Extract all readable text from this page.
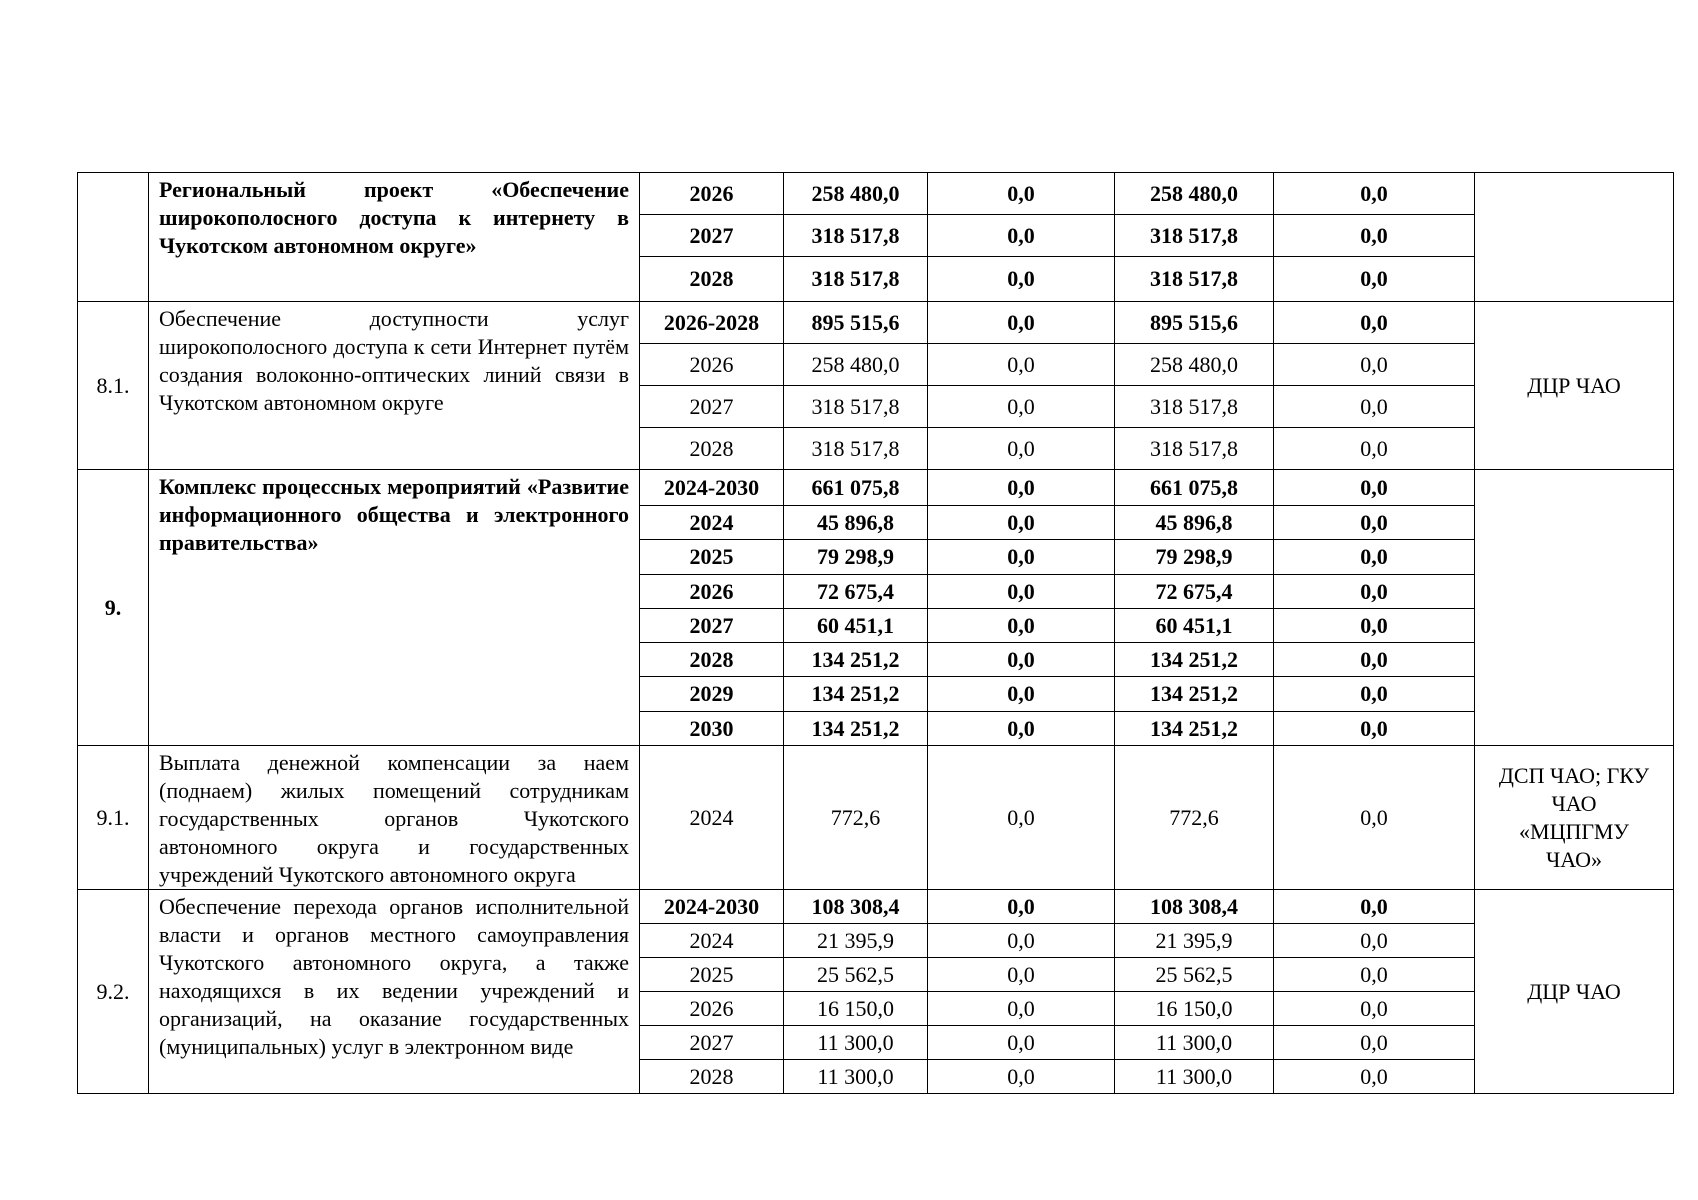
	Региональный проект «Обеспечение широкополосного доступа к интернету в Чукотском автономном округе»	2026	258 480,0	0,0	258 480,0	0,0	
		2027	318 517,8	0,0	318 517,8	0,0	
		2028	318 517,8	0,0	318 517,8	0,0	
8.1.	Обеспечение доступности услуг широкополосного доступа к сети Интернет путём создания волоконно-оптических линий связи в Чукотском автономном округе	2026-2028	895 515,6	0,0	895 515,6	0,0	ДЦР ЧАО
		2026	258 480,0	0,0	258 480,0	0,0	
		2027	318 517,8	0,0	318 517,8	0,0	
		2028	318 517,8	0,0	318 517,8	0,0	
9.	Комплекс процессных мероприятий «Развитие информационного общества и электронного правительства»	2024-2030	661 075,8	0,0	661 075,8	0,0	
		2024	45 896,8	0,0	45 896,8	0,0	
		2025	79 298,9	0,0	79 298,9	0,0	
		2026	72 675,4	0,0	72 675,4	0,0	
		2027	60 451,1	0,0	60 451,1	0,0	
		2028	134 251,2	0,0	134 251,2	0,0	
		2029	134 251,2	0,0	134 251,2	0,0	
		2030	134 251,2	0,0	134 251,2	0,0	
9.1.	Выплата денежной компенсации за наем (поднаем) жилых помещений сотрудникам государственных органов Чукотского автономного округа и государственных учреждений Чукотского автономного округа	2024	772,6	0,0	772,6	0,0	ДСП ЧАО; ГКУ ЧАО «МЦПГМУ ЧАО»
9.2.	Обеспечение перехода органов исполнительной власти и органов местного самоуправления Чукотского автономного округа, а также находящихся в их ведении учреждений и организаций, на оказание государственных (муниципальных) услуг в электронном виде	2024-2030	108 308,4	0,0	108 308,4	0,0	ДЦР ЧАО
		2024	21 395,9	0,0	21 395,9	0,0	
		2025	25 562,5	0,0	25 562,5	0,0	
		2026	16 150,0	0,0	16 150,0	0,0	
		2027	11 300,0	0,0	11 300,0	0,0	
		2028	11 300,0	0,0	11 300,0	0,0	
